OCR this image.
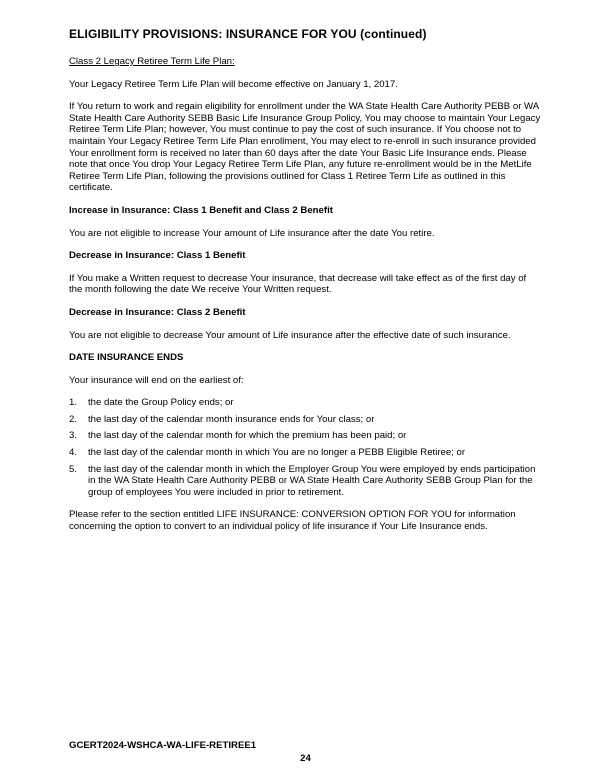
ELIGIBILITY PROVISIONS: INSURANCE FOR YOU (continued)

Class 2 Legacy Retiree Term Life Plan:

Your Legacy Retiree Term Life Plan will become effective on January 1, 2017.

If You return to work and regain eligibility for enrollment under the WA State Health Care Authority PEBB or WA State Health Care Authority SEBB Basic Life Insurance Group Policy, You may choose to maintain Your Legacy Retiree Term Life Plan; however, You must continue to pay the cost of such insurance. If You choose not to maintain Your Legacy Retiree Term Life Plan enrollment, You may elect to re-enroll in such insurance provided Your enrollment form is received no later than 60 days after the date Your Basic Life Insurance ends. Please note that once You drop Your Legacy Retiree Term Life Plan, any future re-enrollment would be in the MetLife Retiree Term Life Plan, following the provisions outlined for Class 1 Retiree Term Life as outlined in this certificate.

Increase in Insurance: Class 1 Benefit and Class 2 Benefit

You are not eligible to increase Your amount of Life insurance after the date You retire.

Decrease in Insurance: Class 1 Benefit

If You make a Written request to decrease Your insurance, that decrease will take effect as of the first day of the month following the date We receive Your Written request.

Decrease in Insurance: Class 2 Benefit

You are not eligible to decrease Your amount of Life insurance after the effective date of such insurance.

DATE INSURANCE ENDS

Your insurance will end on the earliest of:

1.	the date the Group Policy ends; or
2.	the last day of the calendar month insurance ends for Your class; or
3.	the last day of the calendar month for which the premium has been paid; or
4.	the last day of the calendar month in which You are no longer a PEBB Eligible Retiree; or
5.	the last day of the calendar month in which the Employer Group You were employed by ends participation in the WA State Health Care Authority PEBB or WA State Health Care Authority SEBB Group Plan for the group of employees You were included in prior to retirement.

Please refer to the section entitled LIFE INSURANCE: CONVERSION OPTION FOR YOU for information concerning the option to convert to an individual policy of life insurance if Your Life Insurance ends.

GCERT2024-WSHCA-WA-LIFE-RETIREE1
24
